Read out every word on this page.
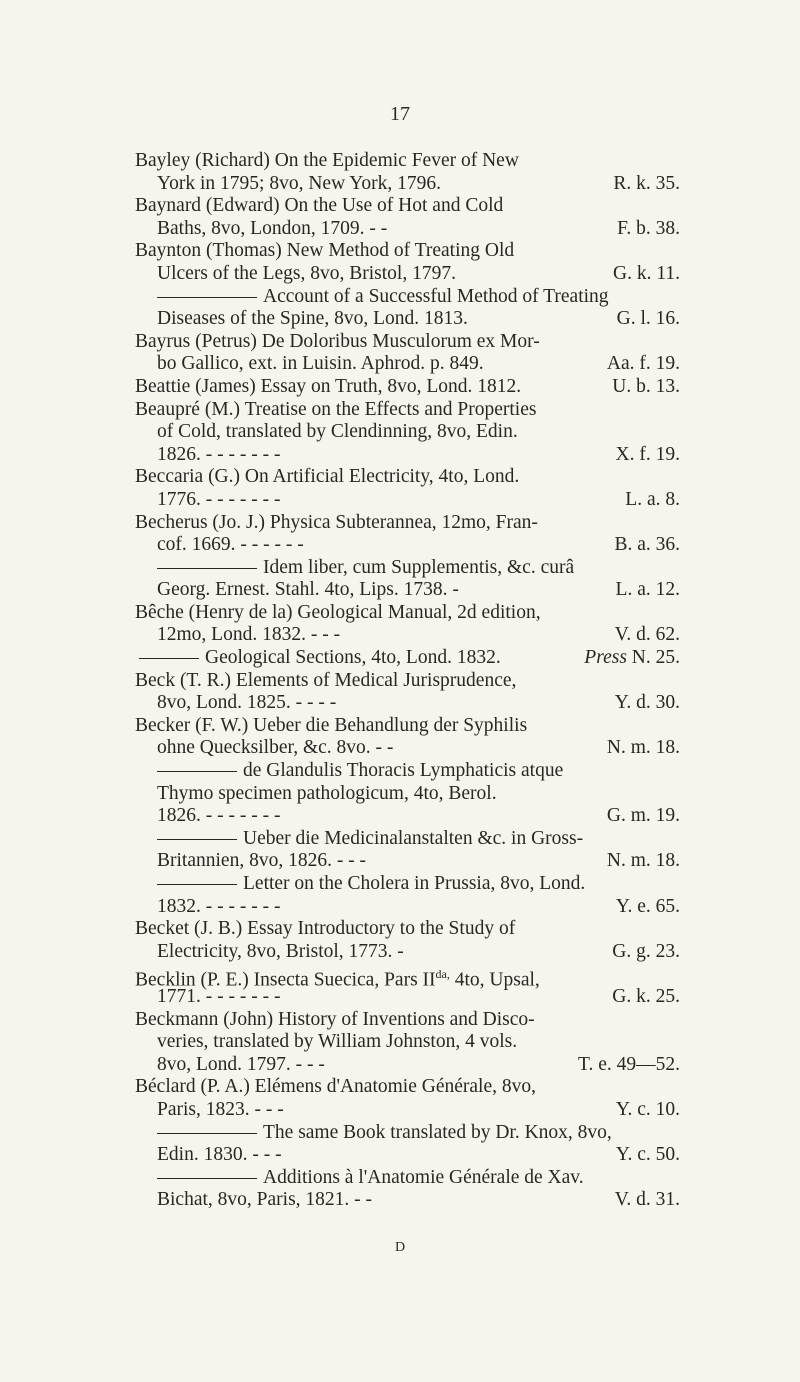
17
Bayley (Richard) On the Epidemic Fever of New
York in 1795; 8vo, New York, 1796.	R. k. 35.
Baynard (Edward) On the Use of Hot and Cold
Baths, 8vo, London, 1709. - -	F. b. 38.
Baynton (Thomas) New Method of Treating Old
Ulcers of the Legs, 8vo, Bristol, 1797.	G. k. 11.
Account of a Successful Method of Treating
Diseases of the Spine, 8vo, Lond. 1813.	G. l. 16.
Bayrus (Petrus) De Doloribus Musculorum ex Mor-
bo Gallico, ext. in Luisin. Aphrod. p. 849.	Aa. f. 19.
Beattie (James) Essay on Truth, 8vo, Lond. 1812.	U. b. 13.
Beaupré (M.) Treatise on the Effects and Properties
of Cold, translated by Clendinning, 8vo, Edin.
1826. - - - - - - -	X. f. 19.
Beccaria (G.) On Artificial Electricity, 4to, Lond.
1776. - - - - - - -	L. a. 8.
Becherus (Jo. J.) Physica Subterannea, 12mo, Fran-
cof. 1669. - - - - - -	B. a. 36.
Idem liber, cum Supplementis, &c. curâ
Georg. Ernest. Stahl. 4to, Lips. 1738. -	L. a. 12.
Bêche (Henry de la) Geological Manual, 2d edition,
12mo, Lond. 1832. - - -	V. d. 62.
Geological Sections, 4to, Lond. 1832.	Press N. 25.
Beck (T. R.) Elements of Medical Jurisprudence,
8vo, Lond. 1825. - - - -	Y. d. 30.
Becker (F. W.) Ueber die Behandlung der Syphilis
ohne Quecksilber, &c. 8vo. - -	N. m. 18.
de Glandulis Thoracis Lymphaticis atque
Thymo specimen pathologicum, 4to, Berol.
1826. - - - - - - -	G. m. 19.
Ueber die Medicinalanstalten &c. in Gross-
Britannien, 8vo, 1826. - - -	N. m. 18.
Letter on the Cholera in Prussia, 8vo, Lond.
1832. - - - - - - -	Y. e. 65.
Becket (J. B.) Essay Introductory to the Study of
Electricity, 8vo, Bristol, 1773. -	G. g. 23.
Becklin (P. E.) Insecta Suecica, Pars $II^{da,}$ 4to, Upsal,
1771. - - - - - - -	G. k. 25.
Beckmann (John) History of Inventions and Disco-
veries, translated by William Johnston, 4 vols.
8vo, Lond. 1797. - - -	T. e. 49—52.
Béclard (P. A.) Elémens d'Anatomie Générale, 8vo,
Paris, 1823. - - -	Y. c. 10.
The same Book translated by Dr. Knox, 8vo,
Edin. 1830. - - -	Y. c. 50.
Additions à l'Anatomie Générale de Xav.
Bichat, 8vo, Paris, 1821. - -	V. d. 31.
D
